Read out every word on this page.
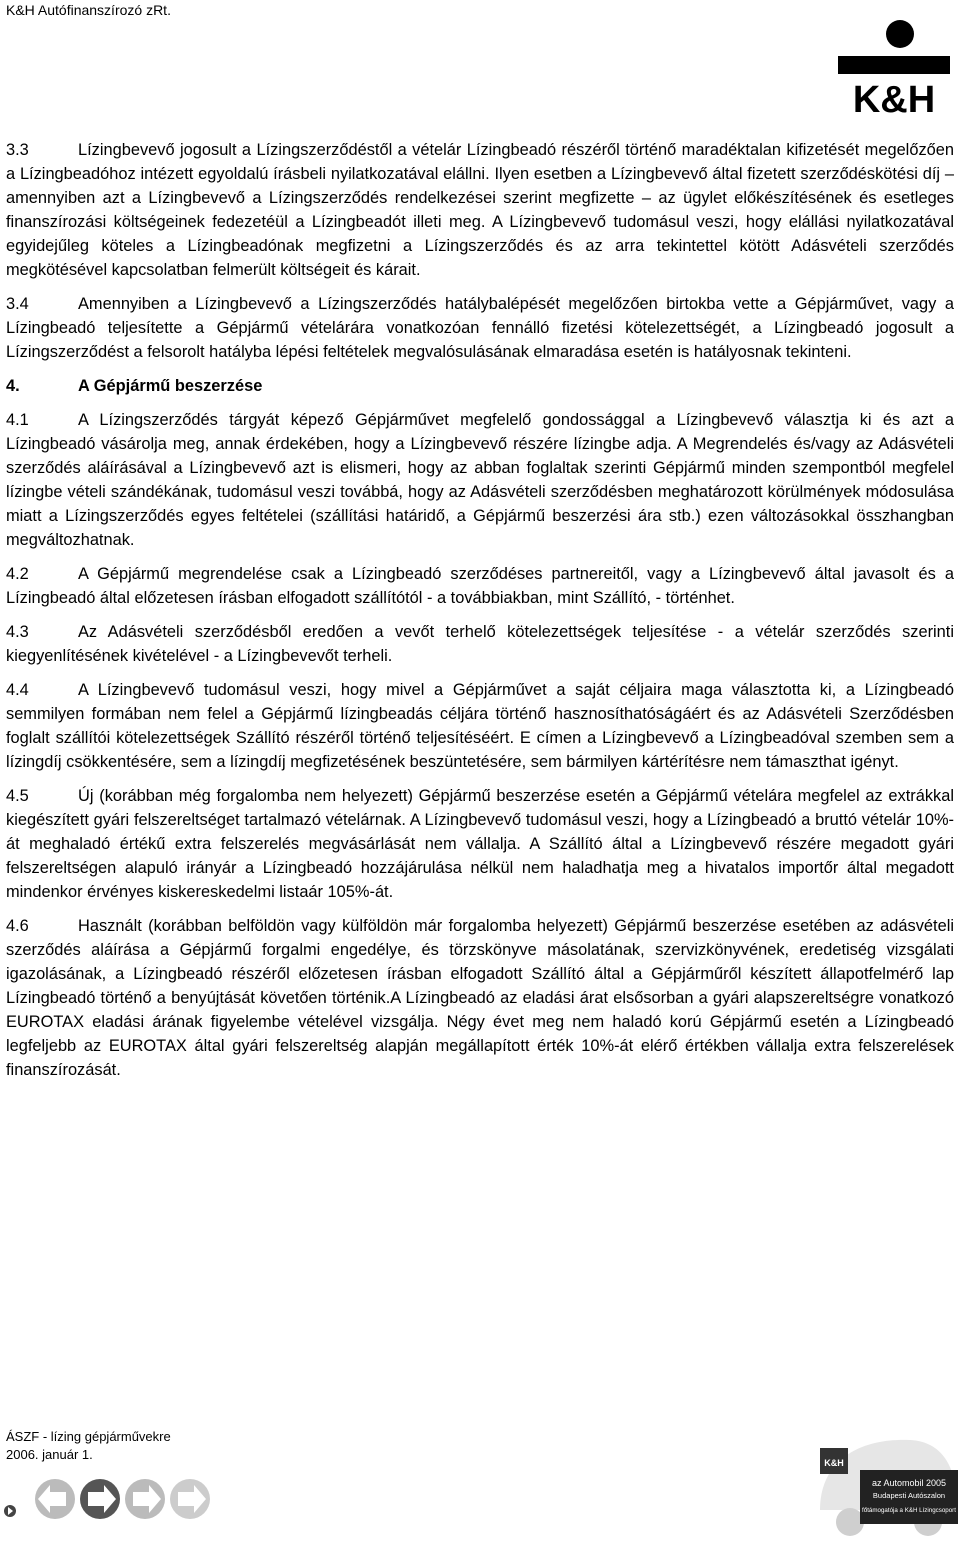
K&H Autófinanszírozó zRt.
K&H

3.3	Lízingbevevő jogosult a Lízingszerződéstől a vételár Lízingbeadó részéről történő maradéktalan kifizetését megelőzően a Lízingbeadóhoz intézett egyoldalú írásbeli nyilatkozatával elállni. Ilyen esetben a Lízingbevevő által fizetett szerződéskötési díj – amennyiben azt a Lízingbevevő a Lízingszerződés rendelkezései szerint megfizette – az ügylet előkészítésének és esetleges finanszírozási költségeinek fedezetéül a Lízingbeadót illeti meg. A Lízingbevevő tudomásul veszi, hogy elállási nyilatkozatával egyidejűleg köteles a Lízingbeadónak megfizetni a Lízingszerződés és az arra tekintettel kötött Adásvételi szerződés megkötésével kapcsolatban felmerült költségeit és kárait.

3.4	Amennyiben a Lízingbevevő a Lízingszerződés hatálybalépését megelőzően birtokba vette a Gépjárművet, vagy a Lízingbeadó teljesítette a Gépjármű vételárára vonatkozóan fennálló fizetési kötelezettségét, a Lízingbeadó jogosult a Lízingszerződést a felsorolt hatályba lépési feltételek megvalósulásának elmaradása esetén is hatályosnak tekinteni.

4.	A Gépjármű beszerzése

4.1	A Lízingszerződés tárgyát képező Gépjárművet megfelelő gondossággal a Lízingbevevő választja ki és azt a Lízingbeadó vásárolja meg, annak érdekében, hogy a Lízingbevevő részére lízingbe adja. A Megrendelés és/vagy az Adásvételi szerződés aláírásával a Lízingbevevő azt is elismeri, hogy az abban foglaltak szerinti Gépjármű minden szempontból megfelel lízingbe vételi szándékának, tudomásul veszi továbbá, hogy az Adásvételi szerződésben meghatározott körülmények módosulása miatt a Lízingszerződés egyes feltételei (szállítási határidő, a Gépjármű beszerzési ára stb.) ezen változásokkal összhangban megváltozhatnak.

4.2	A Gépjármű megrendelése csak a Lízingbeadó szerződéses partnereitől, vagy a Lízingbevevő által javasolt és a Lízingbeadó által előzetesen írásban elfogadott szállítótól - a továbbiakban, mint Szállító, - történhet.

4.3	Az Adásvételi szerződésből eredően a vevőt terhelő kötelezettségek teljesítése - a vételár szerződés szerinti kiegyenlítésének kivételével - a Lízingbevevőt terheli.

4.4	A Lízingbevevő tudomásul veszi, hogy mivel a Gépjárművet a saját céljaira maga választotta ki, a Lízingbeadó semmilyen formában nem felel a Gépjármű lízingbeadás céljára történő hasznosíthatóságáért és az Adásvételi Szerződésben foglalt szállítói kötelezettségek Szállító részéről történő teljesítéséért. E címen a Lízingbevevő a Lízingbeadóval szemben sem a lízingdíj csökkentésére, sem a lízingdíj megfizetésének beszüntetésére, sem bármilyen kártérítésre nem támaszthat igényt.

4.5	Új (korábban még forgalomba nem helyezett) Gépjármű beszerzése esetén a Gépjármű vételára megfelel az extrákkal kiegészített gyári felszereltséget tartalmazó vételárnak. A Lízingbevevő tudomásul veszi, hogy a Lízingbeadó a bruttó vételár 10%-át meghaladó értékű extra felszerelés megvásárlását nem vállalja. A Szállító által a Lízingbevevő részére megadott gyári felszereltségen alapuló irányár a Lízingbeadó hozzájárulása nélkül nem haladhatja meg a hivatalos importőr által megadott mindenkor érvényes kiskereskedelmi listaár 105%-át.

4.6	Használt (korábban belföldön vagy külföldön már forgalomba helyezett) Gépjármű beszerzése esetében az adásvételi szerződés aláírása a Gépjármű forgalmi engedélye, és törzskönyve másolatának, szervizkönyvének, eredetiség vizsgálati igazolásának, a Lízingbeadó részéről előzetesen írásban elfogadott Szállító által a Gépjárműről készített állapotfelmérő lap Lízingbeadó történő a benyújtását követően történik.A Lízingbeadó az eladási árat elsősorban a gyári alapszereltségre vonatkozó EUROTAX eladási árának figyelembe vételével vizsgálja. Négy évet meg nem haladó korú Gépjármű esetén a Lízingbeadó legfeljebb az EUROTAX által gyári felszereltség alapján megállapított érték 10%-át elérő értékben vállalja extra felszerelések finanszírozását.

ÁSZF - lízing gépjárművekre
2006. január 1.
K&H
az Automobil 2005
Budapesti Autószalon
főtámogatója a K&H Lízingcsoport
